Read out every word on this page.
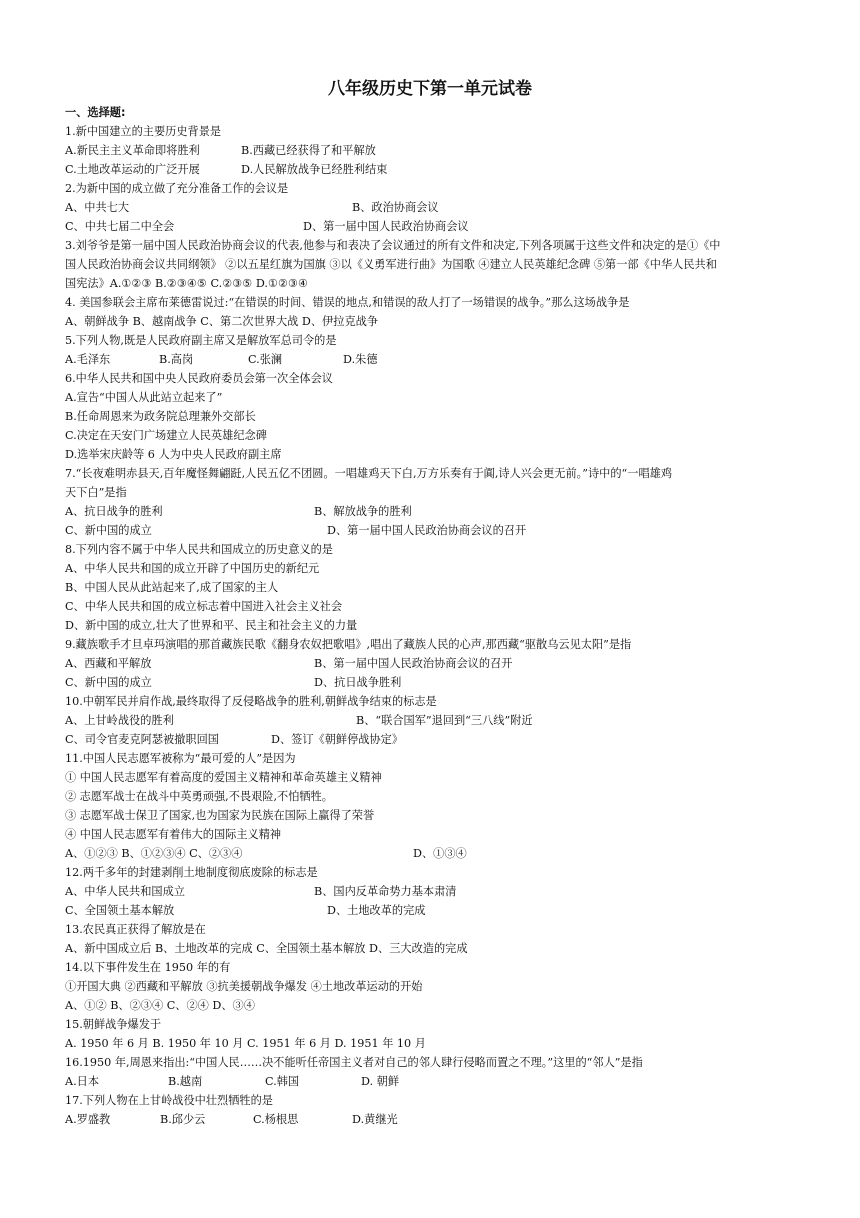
八年级历史下第一单元试卷
一、选择题:
1.新中国建立的主要历史背景是
A.新民主主义革命即将胜利	B.西藏已经获得了和平解放
C.土地改革运动的广泛开展	D.人民解放战争已经胜利结束
2.为新中国的成立做了充分准备工作的会议是
A、中共七大	B、政治协商会议
C、中共七届二中全会	D、第一届中国人民政治协商会议
3.刘爷爷是第一届中国人民政治协商会议的代表,他参与和表决了会议通过的所有文件和决定,下列各项属于这些文件和决定的是①《中
国人民政治协商会议共同纲领》 ②以五星红旗为国旗 ③以《义勇军进行曲》为国歌 ④建立人民英雄纪念碑 ⑤第一部《中华人民共和
国宪法》A.①②③ B.②③④⑤ C.②③⑤ D.①②③④
4. 美国参联会主席布莱德雷说过:“在错误的时间、错误的地点,和错误的敌人打了一场错误的战争。”那么这场战争是
A、朝鲜战争 B、越南战争 C、第二次世界大战 D、伊拉克战争
5.下列人物,既是人民政府副主席又是解放军总司令的是
A.毛泽东	B.高岗	C.张澜	D.朱德
6.中华人民共和国中央人民政府委员会第一次全体会议
A.宣告“中国人从此站立起来了”
B.任命周恩来为政务院总理兼外交部长
C.决定在天安门广场建立人民英雄纪念碑
D.选举宋庆龄等 6 人为中央人民政府副主席
7.“长夜难明赤县天,百年魔怪舞翩跹,人民五亿不团圆。一唱雄鸡天下白,万方乐奏有于阗,诗人兴会更无前。”诗中的“一唱雄鸡
天下白”是指
A、抗日战争的胜利	B、解放战争的胜利
C、新中国的成立	D、第一届中国人民政治协商会议的召开
8.下列内容不属于中华人民共和国成立的历史意义的是
A、中华人民共和国的成立开辟了中国历史的新纪元
B、中国人民从此站起来了,成了国家的主人
C、中华人民共和国的成立标志着中国进入社会主义社会
D、新中国的成立,壮大了世界和平、民主和社会主义的力量
9.藏族歌手才旦卓玛演唱的那首藏族民歌《翻身农奴把歌唱》,唱出了藏族人民的心声,那西藏“驱散乌云见太阳”是指
A、西藏和平解放	B、第一届中国人民政治协商会议的召开
C、新中国的成立	D、抗日战争胜利
10.中朝军民并肩作战,最终取得了反侵略战争的胜利,朝鲜战争结束的标志是
A、上甘岭战役的胜利	B、“联合国军”退回到“三八线”附近
C、司令官麦克阿瑟被撤职回国	D、签订《朝鲜停战协定》
11.中国人民志愿军被称为“最可爱的人”是因为
① 中国人民志愿军有着高度的爱国主义精神和革命英雄主义精神
② 志愿军战士在战斗中英勇顽强,不畏艰险,不怕牺牲。
③ 志愿军战士保卫了国家,也为国家为民族在国际上赢得了荣誉
④ 中国人民志愿军有着伟大的国际主义精神
A、①②③ B、①②③④ C、②③④	D、①③④
12.两千多年的封建剥削土地制度彻底废除的标志是
A、中华人民共和国成立	B、国内反革命势力基本肃清
C、全国领土基本解放	D、土地改革的完成
13.农民真正获得了解放是在
A、新中国成立后 B、土地改革的完成 C、全国领土基本解放 D、三大改造的完成
14.以下事件发生在 1950 年的有
①开国大典 ②西藏和平解放 ③抗美援朝战争爆发 ④土地改革运动的开始
A、①② B、②③④ C、②④ D、③④
15.朝鲜战争爆发于
A. 1950 年 6 月 B. 1950 年 10 月 C. 1951 年 6 月 D. 1951 年 10 月
16.1950 年,周恩来指出:“中国人民……决不能听任帝国主义者对自己的邻人肆行侵略而置之不理。”这里的“邻人”是指
A.日本	B.越南	C.韩国	D. 朝鲜
17.下列人物在上甘岭战役中壮烈牺牲的是
A.罗盛教	B.邱少云	C.杨根思	D.黄继光
